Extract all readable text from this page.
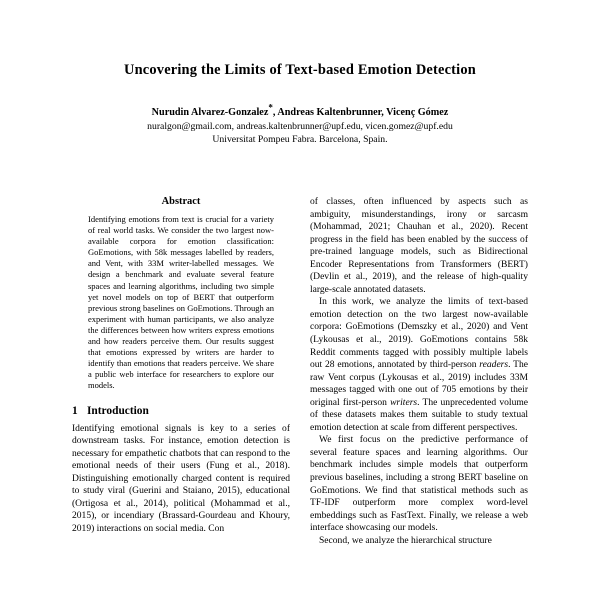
Uncovering the Limits of Text-based Emotion Detection

Nurudin Alvarez-Gonzalez*, Andreas Kaltenbrunner, Vicenç Gómez

nuralgon@gmail.com, andreas.kaltenbrunner@upf.edu, vicen.gomez@upf.edu

Universitat Pompeu Fabra. Barcelona, Spain.

Abstract

Identifying emotions from text is crucial for a variety of real world tasks. We consider the two largest now-available corpora for emotion classification: GoEmotions, with 58k messages labelled by readers, and Vent, with 33M writer-labelled messages. We design a benchmark and evaluate several feature spaces and learning algorithms, including two simple yet novel models on top of BERT that outperform previous strong baselines on GoEmotions. Through an experiment with human participants, we also analyze the differences between how writers express emotions and how readers perceive them. Our results suggest that emotions expressed by writers are harder to identify than emotions that readers perceive. We share a public web interface for researchers to explore our models.

1 Introduction

Identifying emotional signals is key to a series of downstream tasks. For instance, emotion detection is necessary for empathetic chatbots that can respond to the emotional needs of their users (Fung et al., 2018). Distinguishing emotionally charged content is required to study viral (Guerini and Staiano, 2015), educational (Ortigosa et al., 2014), political (Mohammad et al., 2015), or incendiary (Brassard-Gourdeau and Khoury, 2019) interactions on social media. Con

of classes, often influenced by aspects such as ambiguity, misunderstandings, irony or sarcasm (Mohammad, 2021; Chauhan et al., 2020). Recent progress in the field has been enabled by the success of pre-trained language models, such as Bidirectional Encoder Representations from Transformers (BERT) (Devlin et al., 2019), and the release of high-quality large-scale annotated datasets.

In this work, we analyze the limits of text-based emotion detection on the two largest now-available corpora: GoEmotions (Demszky et al., 2020) and Vent (Lykousas et al., 2019). GoEmotions contains 58k Reddit comments tagged with possibly multiple labels out 28 emotions, annotated by third-person readers. The raw Vent corpus (Lykousas et al., 2019) includes 33M messages tagged with one out of 705 emotions by their original first-person writers. The unprecedented volume of these datasets makes them suitable to study textual emotion detection at scale from different perspectives.

We first focus on the predictive performance of several feature spaces and learning algorithms. Our benchmark includes simple models that outperform previous baselines, including a strong BERT baseline on GoEmotions. We find that statistical methods such as TF-IDF outperform more complex word-level embeddings such as FastText. Finally, we release a web interface showcasing our models.

Second, we analyze the hierarchical structure
